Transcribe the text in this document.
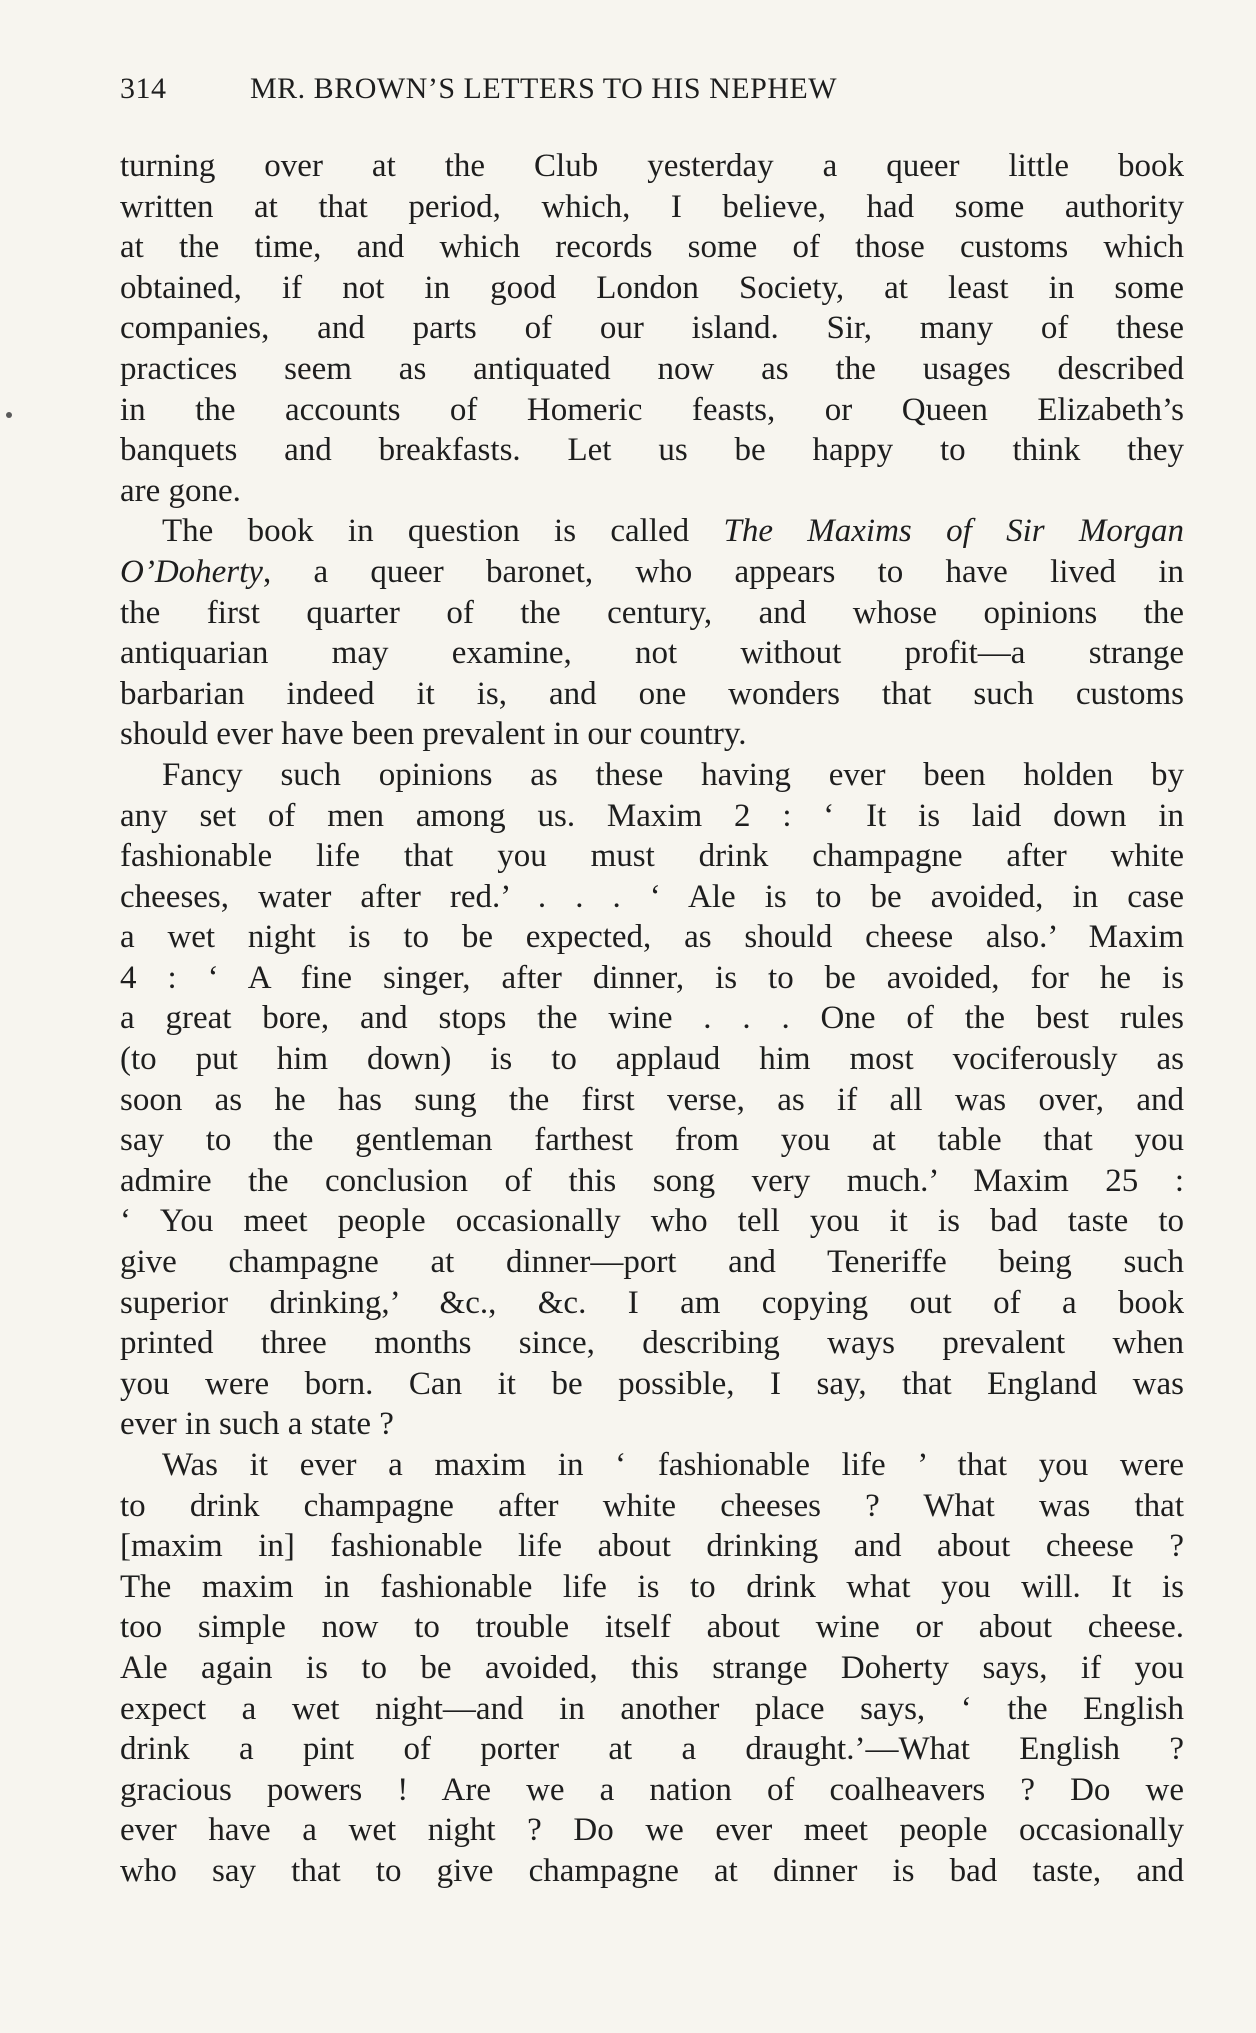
314	MR. BROWN’S LETTERS TO HIS NEPHEW
turning over at the Club yesterday a queer little book
written at that period, which, I believe, had some authority
at the time, and which records some of those customs which
obtained, if not in good London Society, at least in some
companies, and parts of our island. Sir, many of these
practices seem as antiquated now as the usages described
in the accounts of Homeric feasts, or Queen Elizabeth’s
banquets and breakfasts. Let us be happy to think they
are gone.
The book in question is called The Maxims of Sir Morgan
O’Doherty, a queer baronet, who appears to have lived in
the first quarter of the century, and whose opinions the
antiquarian may examine, not without profit—a strange
barbarian indeed it is, and one wonders that such customs
should ever have been prevalent in our country.
Fancy such opinions as these having ever been holden by
any set of men among us. Maxim 2 : ‘ It is laid down in
fashionable life that you must drink champagne after white
cheeses, water after red.’ . . . ‘ Ale is to be avoided, in case
a wet night is to be expected, as should cheese also.’ Maxim
4 : ‘ A fine singer, after dinner, is to be avoided, for he is
a great bore, and stops the wine . . . One of the best rules
(to put him down) is to applaud him most vociferously as
soon as he has sung the first verse, as if all was over, and
say to the gentleman farthest from you at table that you
admire the conclusion of this song very much.’ Maxim 25 :
‘ You meet people occasionally who tell you it is bad taste to
give champagne at dinner—port and Teneriffe being such
superior drinking,’ &c., &c. I am copying out of a book
printed three months since, describing ways prevalent when
you were born. Can it be possible, I say, that England was
ever in such a state ?
Was it ever a maxim in ‘ fashionable life ’ that you were
to drink champagne after white cheeses ? What was that
[maxim in] fashionable life about drinking and about cheese ?
The maxim in fashionable life is to drink what you will. It is
too simple now to trouble itself about wine or about cheese.
Ale again is to be avoided, this strange Doherty says, if you
expect a wet night—and in another place says, ‘ the English
drink a pint of porter at a draught.’—What English ?
gracious powers ! Are we a nation of coalheavers ? Do we
ever have a wet night ? Do we ever meet people occasionally
who say that to give champagne at dinner is bad taste, and
